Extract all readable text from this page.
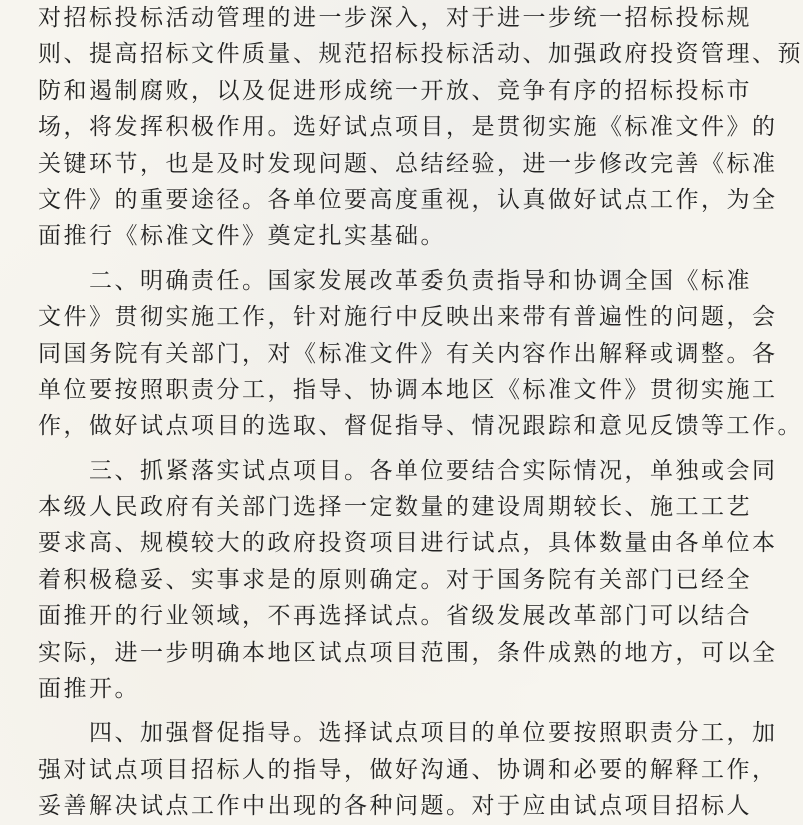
对招标投标活动管理的进一步深入，对于进一步统一招标投标规
则、提高招标文件质量、规范招标投标活动、加强政府投资管理、预
防和遏制腐败，以及促进形成统一开放、竞争有序的招标投标市
场，将发挥积极作用。选好试点项目，是贯彻实施《标准文件》的
关键环节，也是及时发现问题、总结经验，进一步修改完善《标准
文件》的重要途径。各单位要高度重视，认真做好试点工作，为全
面推行《标准文件》奠定扎实基础。
　　二、明确责任。国家发展改革委负责指导和协调全国《标准
文件》贯彻实施工作，针对施行中反映出来带有普遍性的问题，会
同国务院有关部门，对《标准文件》有关内容作出解释或调整。各
单位要按照职责分工，指导、协调本地区《标准文件》贯彻实施工
作，做好试点项目的选取、督促指导、情况跟踪和意见反馈等工作。
　　三、抓紧落实试点项目。各单位要结合实际情况，单独或会同
本级人民政府有关部门选择一定数量的建设周期较长、施工工艺
要求高、规模较大的政府投资项目进行试点，具体数量由各单位本
着积极稳妥、实事求是的原则确定。对于国务院有关部门已经全
面推开的行业领域，不再选择试点。省级发展改革部门可以结合
实际，进一步明确本地区试点项目范围，条件成熟的地方，可以全
面推开。
　　四、加强督促指导。选择试点项目的单位要按照职责分工，加
强对试点项目招标人的指导，做好沟通、协调和必要的解释工作，
妥善解决试点工作中出现的各种问题。对于应由试点项目招标人
